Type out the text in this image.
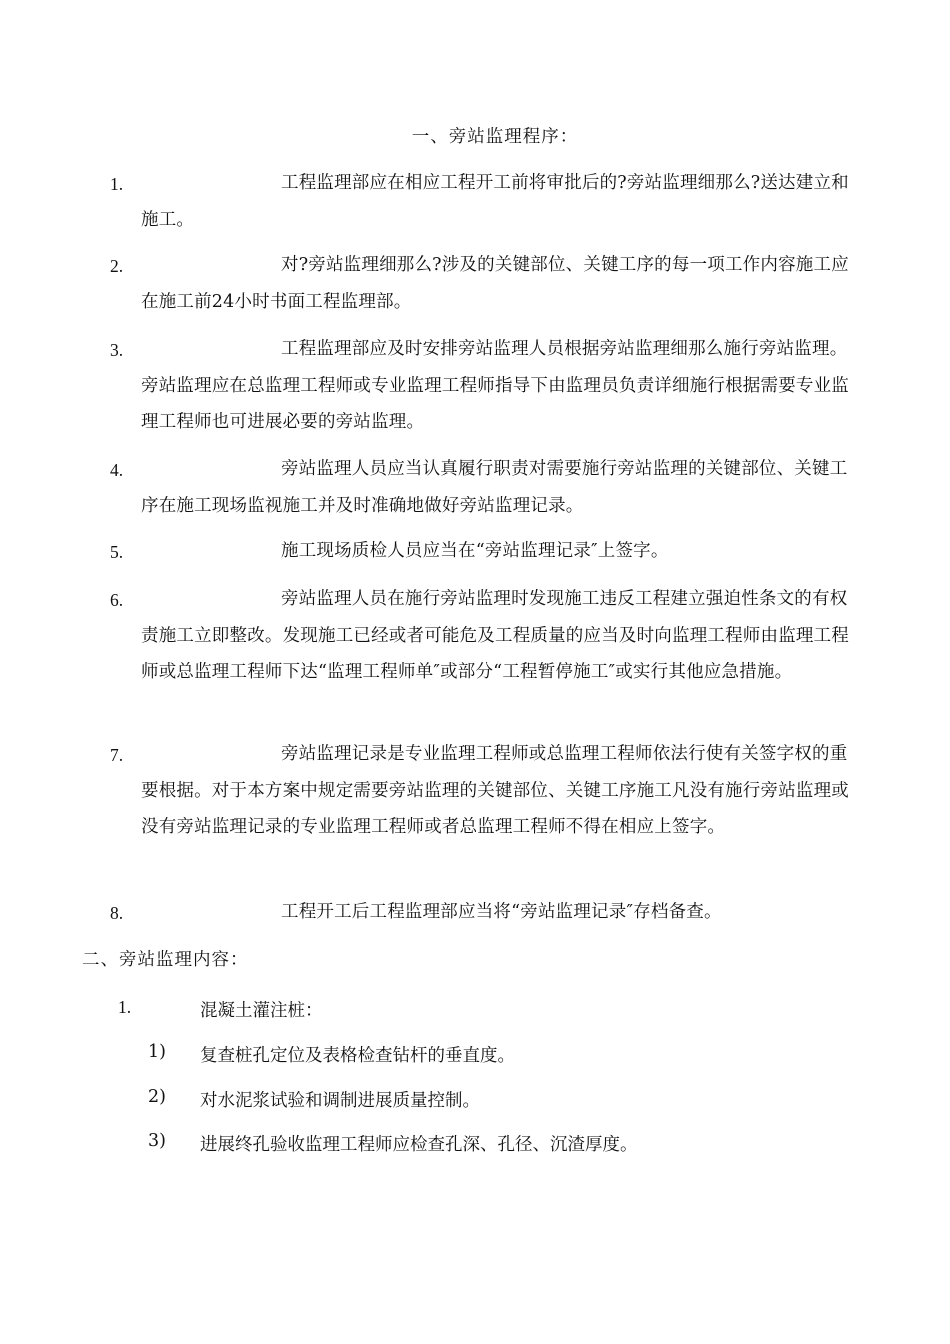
一、旁站监理程序：
1.	工程监理部应在相应工程开工前将审批后的?旁站监理细那么?送达建立和施工。
2.	对?旁站监理细那么?涉及的关键部位、关键工序的每一项工作内容施工应在施工前24小时书面工程监理部。
3.	工程监理部应及时安排旁站监理人员根据旁站监理细那么施行旁站监理。旁站监理应在总监理工程师或专业监理工程师指导下由监理员负责详细施行根据需要专业监理工程师也可进展必要的旁站监理。
4.	旁站监理人员应当认真履行职责对需要施行旁站监理的关键部位、关键工序在施工现场监视施工并及时准确地做好旁站监理记录。
5.	施工现场质检人员应当在“旁站监理记录″上签字。
6.	旁站监理人员在施行旁站监理时发现施工违反工程建立强迫性条文的有权责施工立即整改。发现施工已经或者可能危及工程质量的应当及时向监理工程师由监理工程师或总监理工程师下达“监理工程师单″或部分“工程暂停施工″或实行其他应急措施。
7.	旁站监理记录是专业监理工程师或总监理工程师依法行使有关签字权的重要根据。对于本方案中规定需要旁站监理的关键部位、关键工序施工凡没有施行旁站监理或没有旁站监理记录的专业监理工程师或者总监理工程师不得在相应上签字。
8.	工程开工后工程监理部应当将“旁站监理记录″存档备查。
二、旁站监理内容：
1.	混凝土灌注桩：
1) 复查桩孔定位及表格检查钻杆的垂直度。
2) 对水泥浆试验和调制进展质量控制。
3) 进展终孔验收监理工程师应检查孔深、孔径、沉渣厚度。
